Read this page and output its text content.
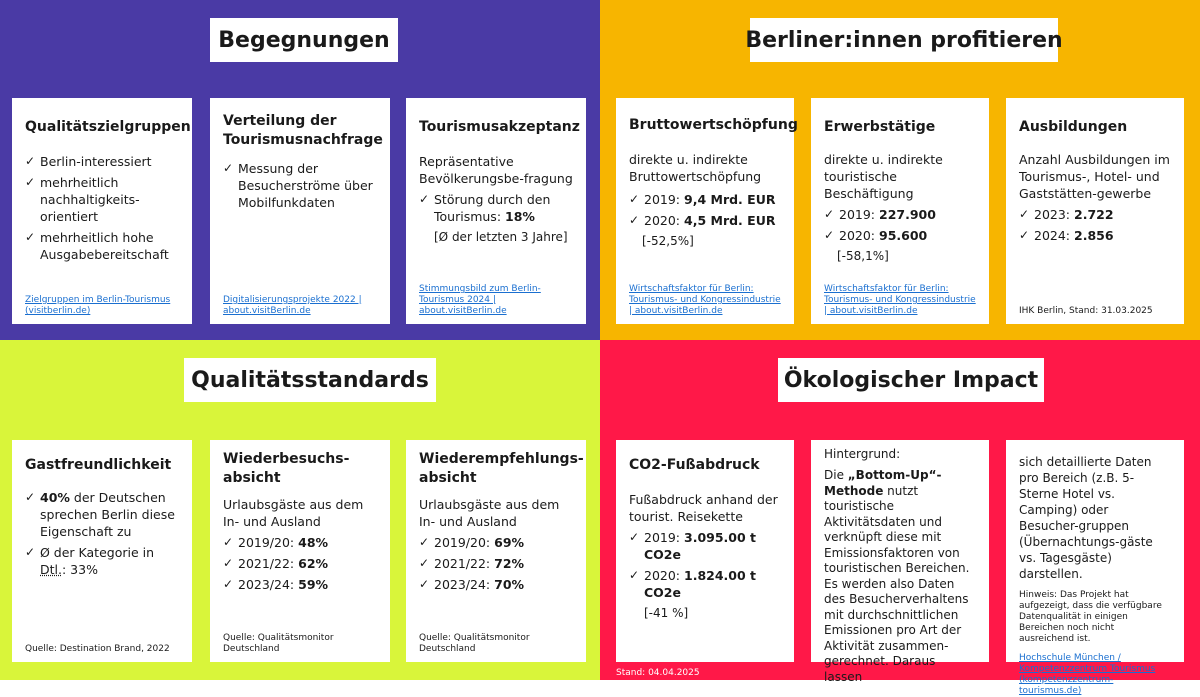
Begegnungen
Qualitätszielgruppen
✓ Berlin-interessiert
✓ mehrheitlich nachhaltigkeits-orientiert
✓ mehrheitlich hohe Ausgabebereitschaft
Zielgruppen im Berlin-Tourismus (visitberlin.de)
Verteilung der Tourismusnachfrage
✓ Messung der Besucherströme über Mobilfunkdaten
Digitalisierungsprojekte 2022 | about.visitBerlin.de
Tourismusakzeptanz
Repräsentative Bevölkerungsbe-fragung
✓ Störung durch den Tourismus: 18%
[Ø der letzten 3 Jahre]
Stimmungsbild zum Berlin-Tourismus 2024 | about.visitBerlin.de
Berliner:innen profitieren
Bruttowertschöpfung
direkte u. indirekte Bruttowertschöpfung
✓ 2019: 9,4 Mrd. EUR
✓ 2020: 4,5 Mrd. EUR
[-52,5%]
Wirtschaftsfaktor für Berlin: Tourismus- und Kongressindustrie | about.visitBerlin.de
Erwerbstätige
direkte u. indirekte touristische Beschäftigung
✓ 2019: 227.900
✓ 2020: 95.600
[-58,1%]
Wirtschaftsfaktor für Berlin: Tourismus- und Kongressindustrie | about.visitBerlin.de
Ausbildungen
Anzahl Ausbildungen im Tourismus-, Hotel- und Gaststätten-gewerbe
✓ 2023: 2.722
✓ 2024: 2.856
IHK Berlin, Stand: 31.03.2025
Qualitätsstandards
Gastfreundlichkeit
✓ 40% der Deutschen sprechen Berlin diese Eigenschaft zu
✓ Ø der Kategorie in Dtl.: 33%
Quelle: Destination Brand, 2022
Wiederbesuchs-absicht
Urlaubsgäste aus dem In- und Ausland
✓ 2019/20: 48%
✓ 2021/22: 62%
✓ 2023/24: 59%
Quelle: Qualitätsmonitor Deutschland
Wiederempfehlungs-absicht
Urlaubsgäste aus dem In- und Ausland
✓ 2019/20: 69%
✓ 2021/22: 72%
✓ 2023/24: 70%
Quelle: Qualitätsmonitor Deutschland
Ökologischer Impact
CO2-Fußabdruck
Fußabdruck anhand der tourist. Reisekette
✓ 2019: 3.095.00 t CO2e
✓ 2020: 1.824.00 t CO2e
[-41 %]
Hintergrund:
Die „Bottom-Up“-Methode nutzt touristische Aktivitätsdaten und verknüpft diese mit Emissionsfaktoren von touristischen Bereichen. Es werden also Daten des Besucherverhaltens mit durchschnittlichen Emissionen pro Art der Aktivität zusammen-gerechnet. Daraus lassen
sich detaillierte Daten pro Bereich (z.B. 5-Sterne Hotel vs. Camping) oder Besucher-gruppen (Übernachtungs-gäste vs. Tagesgäste) darstellen.
Hinweis: Das Projekt hat aufgezeigt, dass die verfügbare Datenqualität in einigen Bereichen noch nicht ausreichend ist.
Hochschule München / Kompetenzzentrum Tourismus (kompetenzzentrum-tourismus.de)
Stand: 04.04.2025
